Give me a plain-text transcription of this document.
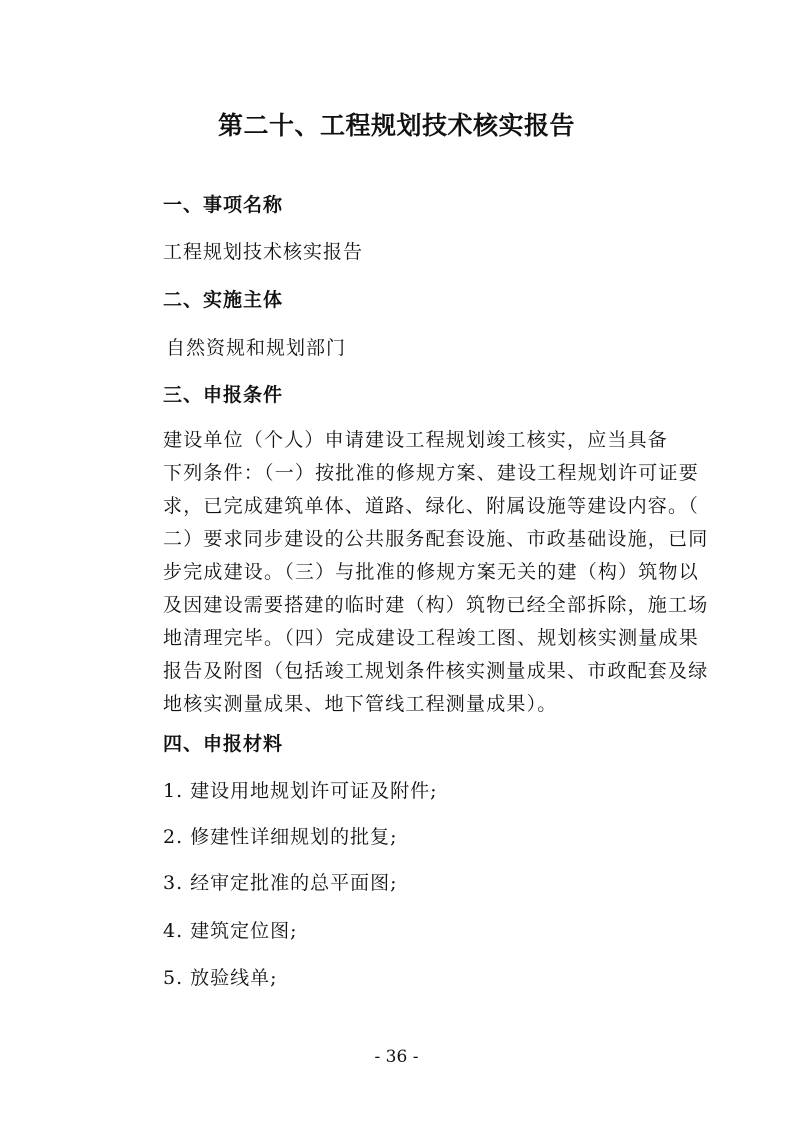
第二十、工程规划技术核实报告
一、事项名称

工程规划技术核实报告

二、实施主体

自然资规和规划部门

三、申报条件
建设单位（个人）申请建设工程规划竣工核实，应当具备
下列条件：（一）按批准的修规方案、建设工程规划许可证要
求，已完成建筑单体、道路、绿化、附属设施等建设内容。（
二）要求同步建设的公共服务配套设施、市政基础设施，已同
步完成建设。（三）与批准的修规方案无关的建（构）筑物以
及因建设需要搭建的临时建（构）筑物已经全部拆除，施工场
地清理完毕。（四）完成建设工程竣工图、规划核实测量成果
报告及附图（包括竣工规划条件核实测量成果、市政配套及绿
地核实测量成果、地下管线工程测量成果）。
四、申报材料

1. 建设用地规划许可证及附件;

2. 修建性详细规划的批复;

3. 经审定批准的总平面图;

4. 建筑定位图;

5. 放验线单;

- 36 -
